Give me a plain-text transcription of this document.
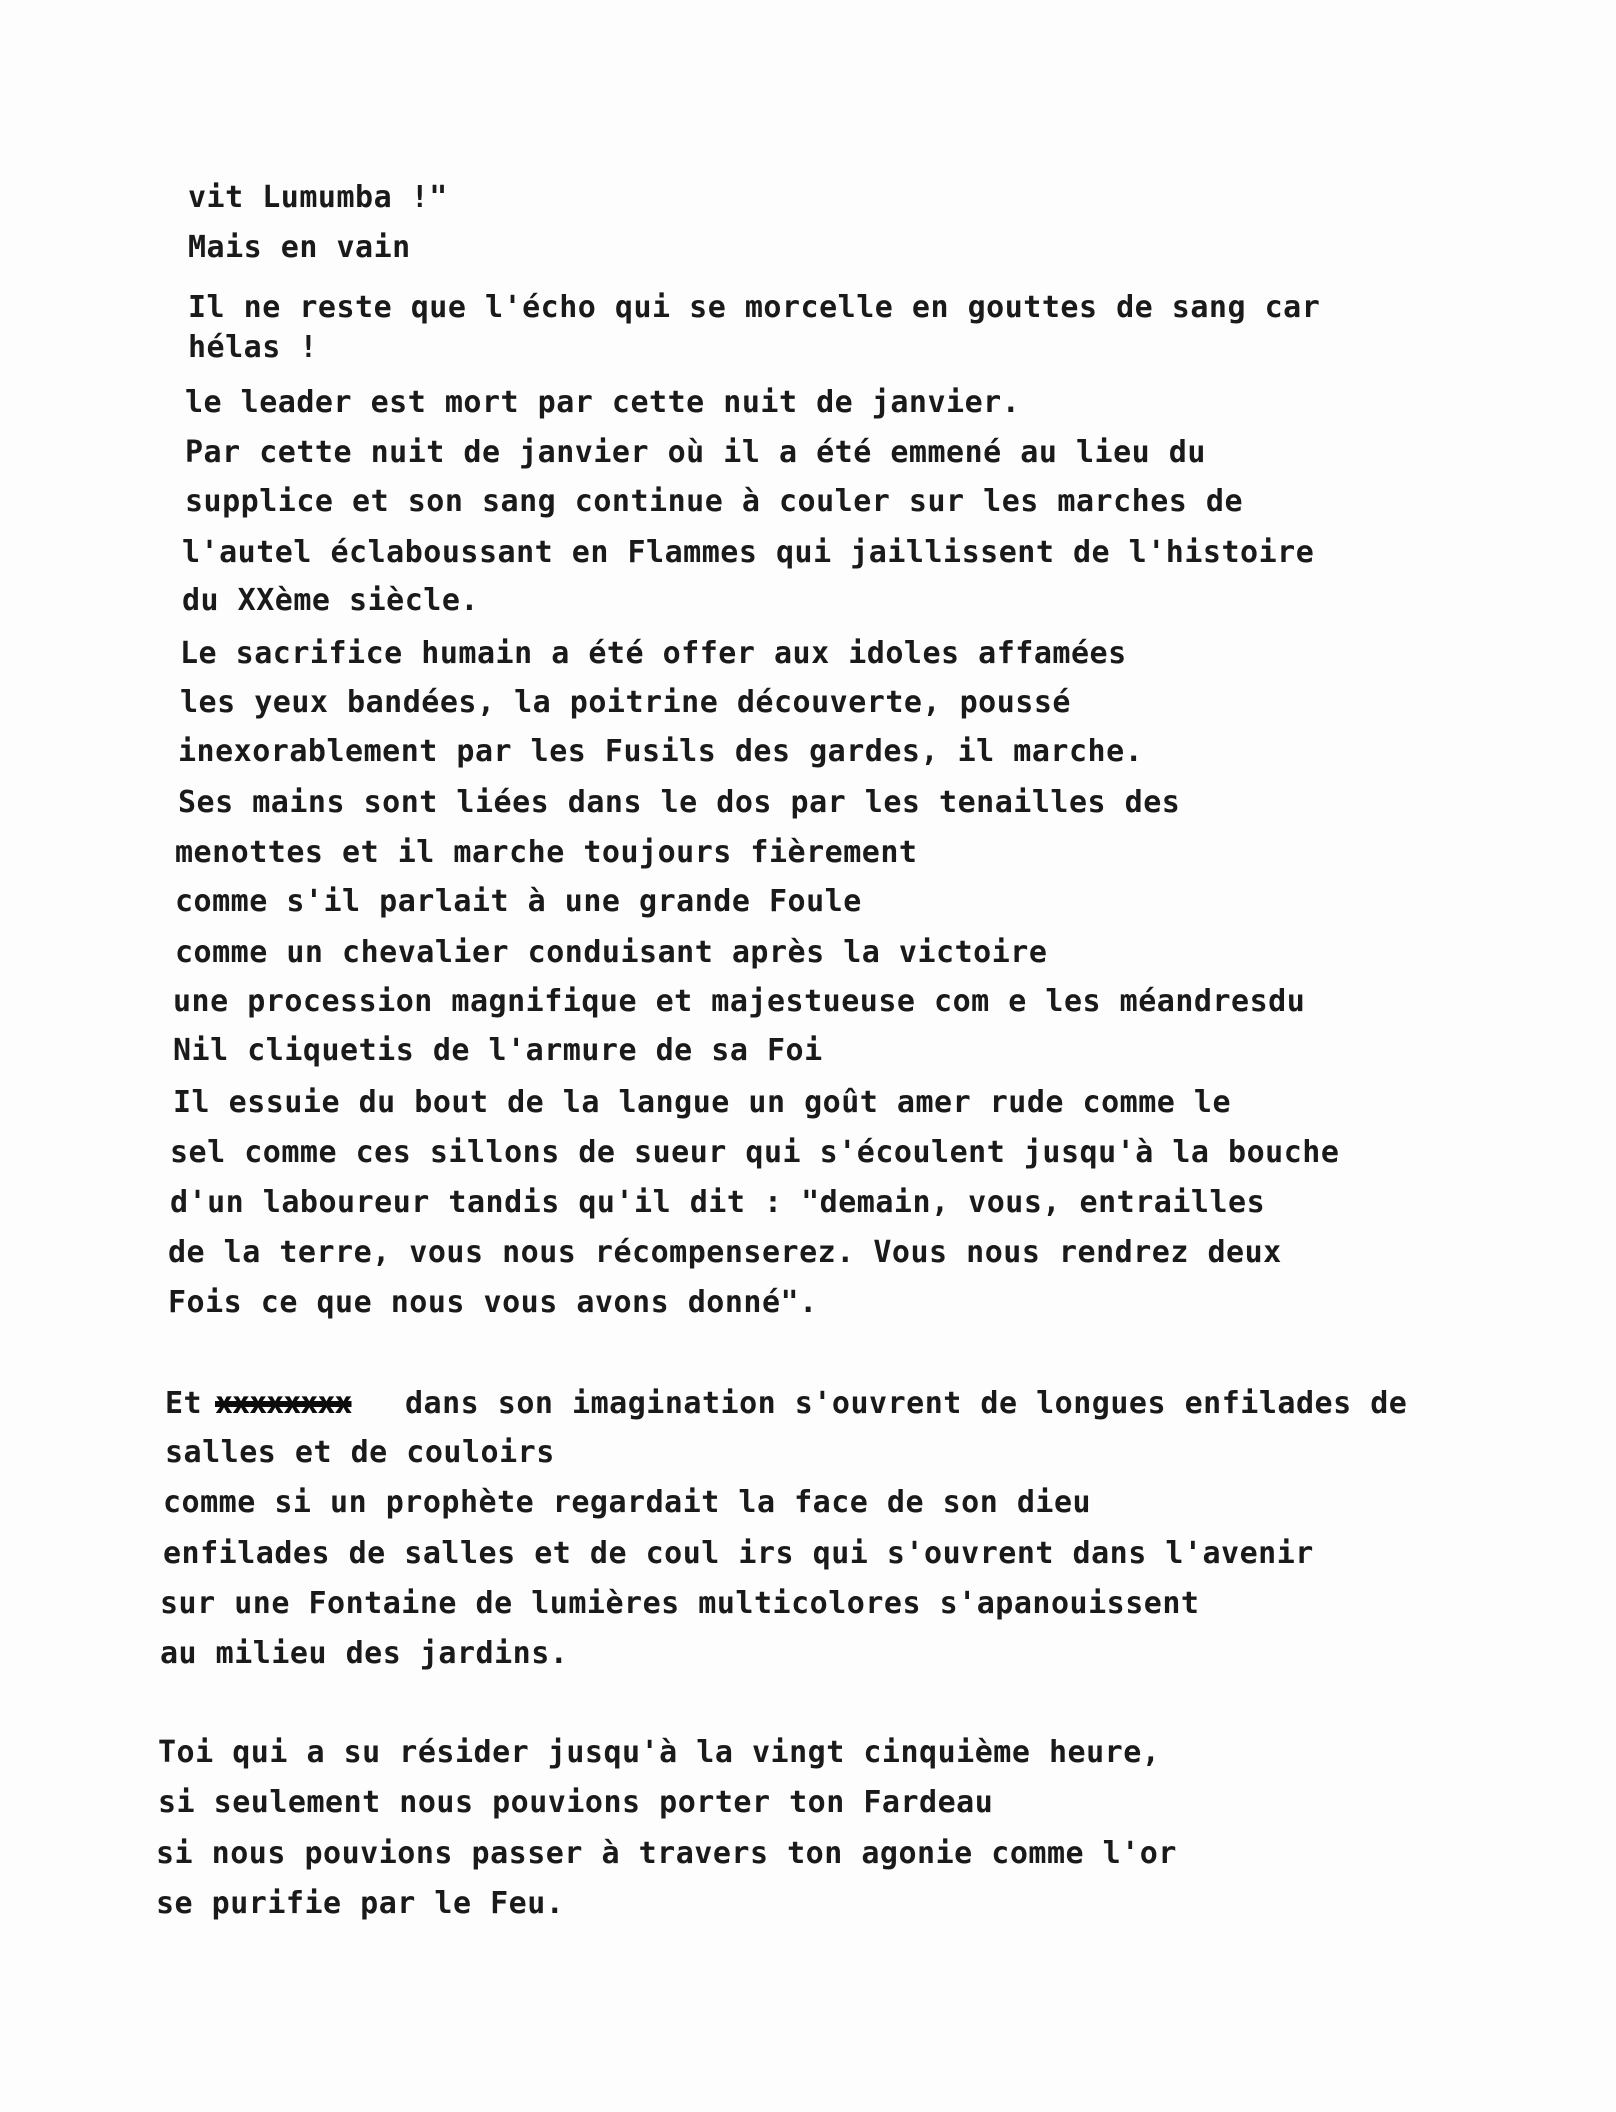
vit Lumumba !"
Mais en vain
Il ne reste que l'écho qui se morcelle en gouttes de sang car
hélas !
le leader est mort par cette nuit de janvier.
Par cette nuit de janvier où il a été emmené au lieu du
supplice et son sang continue à couler sur les marches de
l'autel éclaboussant en Flammes qui jaillissent de l'histoire
du XXème siècle.
Le sacrifice humain a été offer aux idoles affamées
les yeux bandées, la poitrine découverte, poussé
inexorablement par les Fusils des gardes, il marche.
Ses mains sont liées dans le dos par les tenailles des
menottes et il marche toujours fièrement
comme s'il parlait à une grande Foule
comme un chevalier conduisant après la victoire
une procession magnifique et majestueuse com e les méandresdu
Nil cliquetis de l'armure de sa Foi
Il essuie du bout de la langue un goût amer rude comme le
sel comme ces sillons de sueur qui s'écoulent jusqu'à la bouche
d'un laboureur tandis qu'il dit : "demain, vous, entrailles
de la terre, vous nous récompenserez. Vous nous rendrez deux
Fois ce que nous vous avons donné".
Et xxxxxxxx dans son imagination s'ouvrent de longues enfilades de
salles et de couloirs
comme si un prophète regardait la face de son dieu
enfilades de salles et de coul irs qui s'ouvrent dans l'avenir
sur une Fontaine de lumières multicolores s'apanouissent
au milieu des jardins.
Toi qui a su résider jusqu'à la vingt cinquième heure,
si seulement nous pouvions porter ton Fardeau
si nous pouvions passer à travers ton agonie comme l'or
se purifie par le Feu.
